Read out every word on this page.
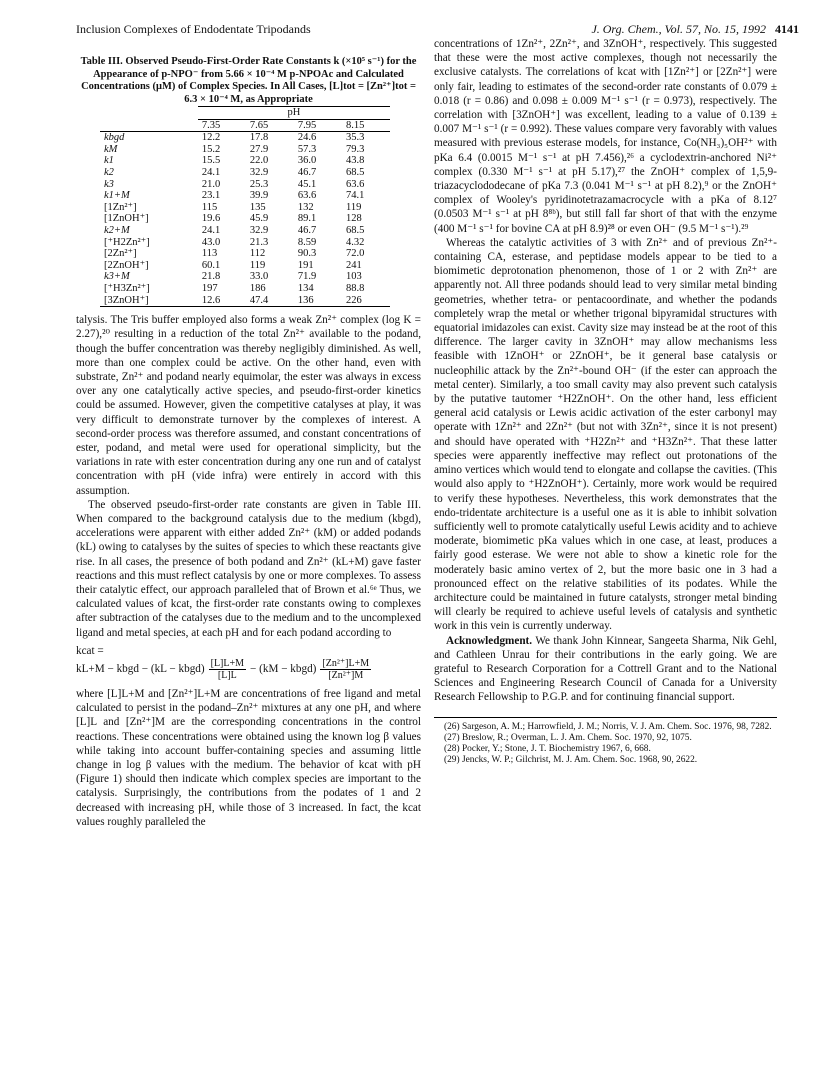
Inclusion Complexes of Endodentate Tripodands	J. Org. Chem., Vol. 57, No. 15, 1992 4141

Table III. Observed Pseudo-First-Order Rate Constants k (×10⁵ s⁻¹) for the Appearance of p-NPO⁻ from 5.66 × 10⁻⁴ M p-NPOAc and Calculated Concentrations (μM) of Complex Species. In All Cases, [L]tot = [Zn²⁺]tot = 6.3 × 10⁻⁴ M, as Appropriate

	pH			
	7.35	7.65	7.95	8.15
kbgd	12.2	17.8	24.6	35.3
kM	15.2	27.9	57.3	79.3
k1	15.5	22.0	36.0	43.8
k2	24.1	32.9	46.7	68.5
k3	21.0	25.3	45.1	63.6
k1+M	23.1	39.9	63.6	74.1
[1Zn²⁺]	115	135	132	119
[1ZnOH⁺]	19.6	45.9	89.1	128
k2+M	24.1	32.9	46.7	68.5
[⁺H2Zn²⁺]	43.0	21.3	8.59	4.32
[2Zn²⁺]	113	112	90.3	72.0
[2ZnOH⁺]	60.1	119	191	241
k3+M	21.8	33.0	71.9	103
[⁺H3Zn²⁺]	197	186	134	88.8
[3ZnOH⁺]	12.6	47.4	136	226

talysis. The Tris buffer employed also forms a weak Zn²⁺ complex (log K = 2.27),²⁰ resulting in a reduction of the total Zn²⁺ available to the podand, though the buffer concentration was thereby negligibly diminished. As well, more than one complex could be active. On the other hand, even with substrate, Zn²⁺ and podand nearly equimolar, the ester was always in excess over any one catalytically active species, and pseudo-first-order kinetics could be assumed. However, given the competitive catalyses at play, it was very difficult to demonstrate turnover by the complexes of interest. A second-order process was therefore assumed, and constant concentrations of ester, podand, and metal were used for operational simplicity, but the variations in rate with ester concentration during any one run and of catalyst concentration with pH (vide infra) were entirely in accord with this assumption.

The observed pseudo-first-order rate constants are given in Table III. When compared to the background catalysis due to the medium (kbgd), accelerations were apparent with either added Zn²⁺ (kM) or added podands (kL) owing to catalyses by the suites of species to which these reactants give rise. In all cases, the presence of both podand and Zn²⁺ (kL+M) gave faster reactions and this must reflect catalysis by one or more complexes. To assess their catalytic effect, our approach paralleled that of Brown et al.⁶ᵉ Thus, we calculated values of kcat, the first-order rate constants owing to complexes after subtraction of the catalyses due to the medium and to the uncomplexed ligand and metal species, at each pH and for each podand according to

kcat =
kL+M − kbgd − (kL − kbgd) $\frac{[L]L+M}{[L]L} - (kM$ − kbgd) $\frac{\text{[Zn²⁺]L+M}}{\text{[Zn²⁺]M}}$

where [L]L+M and [Zn²⁺]L+M are concentrations of free ligand and metal calculated to persist in the podand–Zn²⁺ mixtures at any one pH, and where [L]L and [Zn²⁺]M are the corresponding concentrations in the control reactions. These concentrations were obtained using the known log β values while taking into account buffer-containing species and assuming little change in log β values with the medium. The behavior of kcat with pH (Figure 1) should then indicate which complex species are important to the catalysis. Surprisingly, the contributions from the podates of 1 and 2 decreased with increasing pH, while those of 3 increased. In fact, the kcat values roughly paralleled the

concentrations of 1Zn²⁺, 2Zn²⁺, and 3ZnOH⁺, respectively. This suggested that these were the most active complexes, though not necessarily the exclusive catalysts. The correlations of kcat with [1Zn²⁺] or [2Zn²⁺] were only fair, leading to estimates of the second-order rate constants of 0.079 ± 0.018 (r = 0.86) and 0.098 ± 0.009 M⁻¹ s⁻¹ (r = 0.973), respectively. The correlation with [3ZnOH⁺] was excellent, leading to a value of 0.139 ± 0.007 M⁻¹ s⁻¹ (r = 0.992). These values compare very favorably with values measured with previous esterase models, for instance, Co(NH₃)₅OH²⁺ with pKa 6.4 (0.0015 M⁻¹ s⁻¹ at pH 7.456),²⁶ a cyclodextrin-anchored Ni²⁺ complex (0.330 M⁻¹ s⁻¹ at pH 5.17),²⁷ the ZnOH⁺ complex of 1,5,9-triazacyclododecane of pKa 7.3 (0.041 M⁻¹ s⁻¹ at pH 8.2),⁹ or the ZnOH⁺ complex of Wooley's pyridinotetrazamacrocycle with a pKa of 8.12⁷ (0.0503 M⁻¹ s⁻¹ at pH 8⁸ᵇ), but still fall far short of that with the enzyme (400 M⁻¹ s⁻¹ for bovine CA at pH 8.9)²⁸ or even OH⁻ (9.5 M⁻¹ s⁻¹).²⁹

Whereas the catalytic activities of 3 with Zn²⁺ and of previous Zn²⁺-containing CA, esterase, and peptidase models appear to be tied to a biomimetic deprotonation phenomenon, those of 1 or 2 with Zn²⁺ are apparently not. All three podands should lead to very similar metal binding geometries, whether tetra- or pentacoordinate, and whether the podands completely wrap the metal or whether trigonal bipyramidal structures with equatorial imidazoles can exist. Cavity size may instead be at the root of this difference. The larger cavity in 3ZnOH⁺ may allow mechanisms less feasible with 1ZnOH⁺ or 2ZnOH⁺, be it general base catalysis or nucleophilic attack by the Zn²⁺-bound OH⁻ (if the ester can approach the metal center). Similarly, a too small cavity may also prevent such catalysis by the putative tautomer ⁺H2ZnOH⁺. On the other hand, less efficient general acid catalysis or Lewis acidic activation of the ester carbonyl may operate with 1Zn²⁺ and 2Zn²⁺ (but not with 3Zn²⁺, since it is not present) and should have operated with ⁺H2Zn²⁺ and ⁺H3Zn²⁺. That these latter species were apparently ineffective may reflect out protonations of the amino vertices which would tend to elongate and collapse the cavities. (This would also apply to ⁺H2ZnOH⁺). Certainly, more work would be required to verify these hypotheses. Nevertheless, this work demonstrates that the endo-tridentate architecture is a useful one as it is able to inhibit solvation sufficiently well to promote catalytically useful Lewis acidity and to achieve moderate, biomimetic pKa values which in one case, at least, produces a fairly good esterase. We were not able to show a kinetic role for the moderately basic amino vertex of 2, but the more basic one in 3 had a pronounced effect on the relative stabilities of its podates. While the architecture could be maintained in future catalysts, stronger metal binding will clearly be required to achieve useful levels of catalysis and synthetic work in this vein is currently underway.

Acknowledgment. We thank John Kinnear, Sangeeta Sharma, Nik Gehl, and Cathleen Unrau for their contributions in the early going. We are grateful to Research Corporation for a Cottrell Grant and to the National Sciences and Engineering Research Council of Canada for a University Research Fellowship to P.G.P. and for continuing financial support.

(26) Sargeson, A. M.; Harrowfield, J. M.; Norris, V. J. Am. Chem. Soc. 1976, 98, 7282.
(27) Breslow, R.; Overman, L. J. Am. Chem. Soc. 1970, 92, 1075.
(28) Pocker, Y.; Stone, J. T. Biochemistry 1967, 6, 668.
(29) Jencks, W. P.; Gilchrist, M. J. Am. Chem. Soc. 1968, 90, 2622.
